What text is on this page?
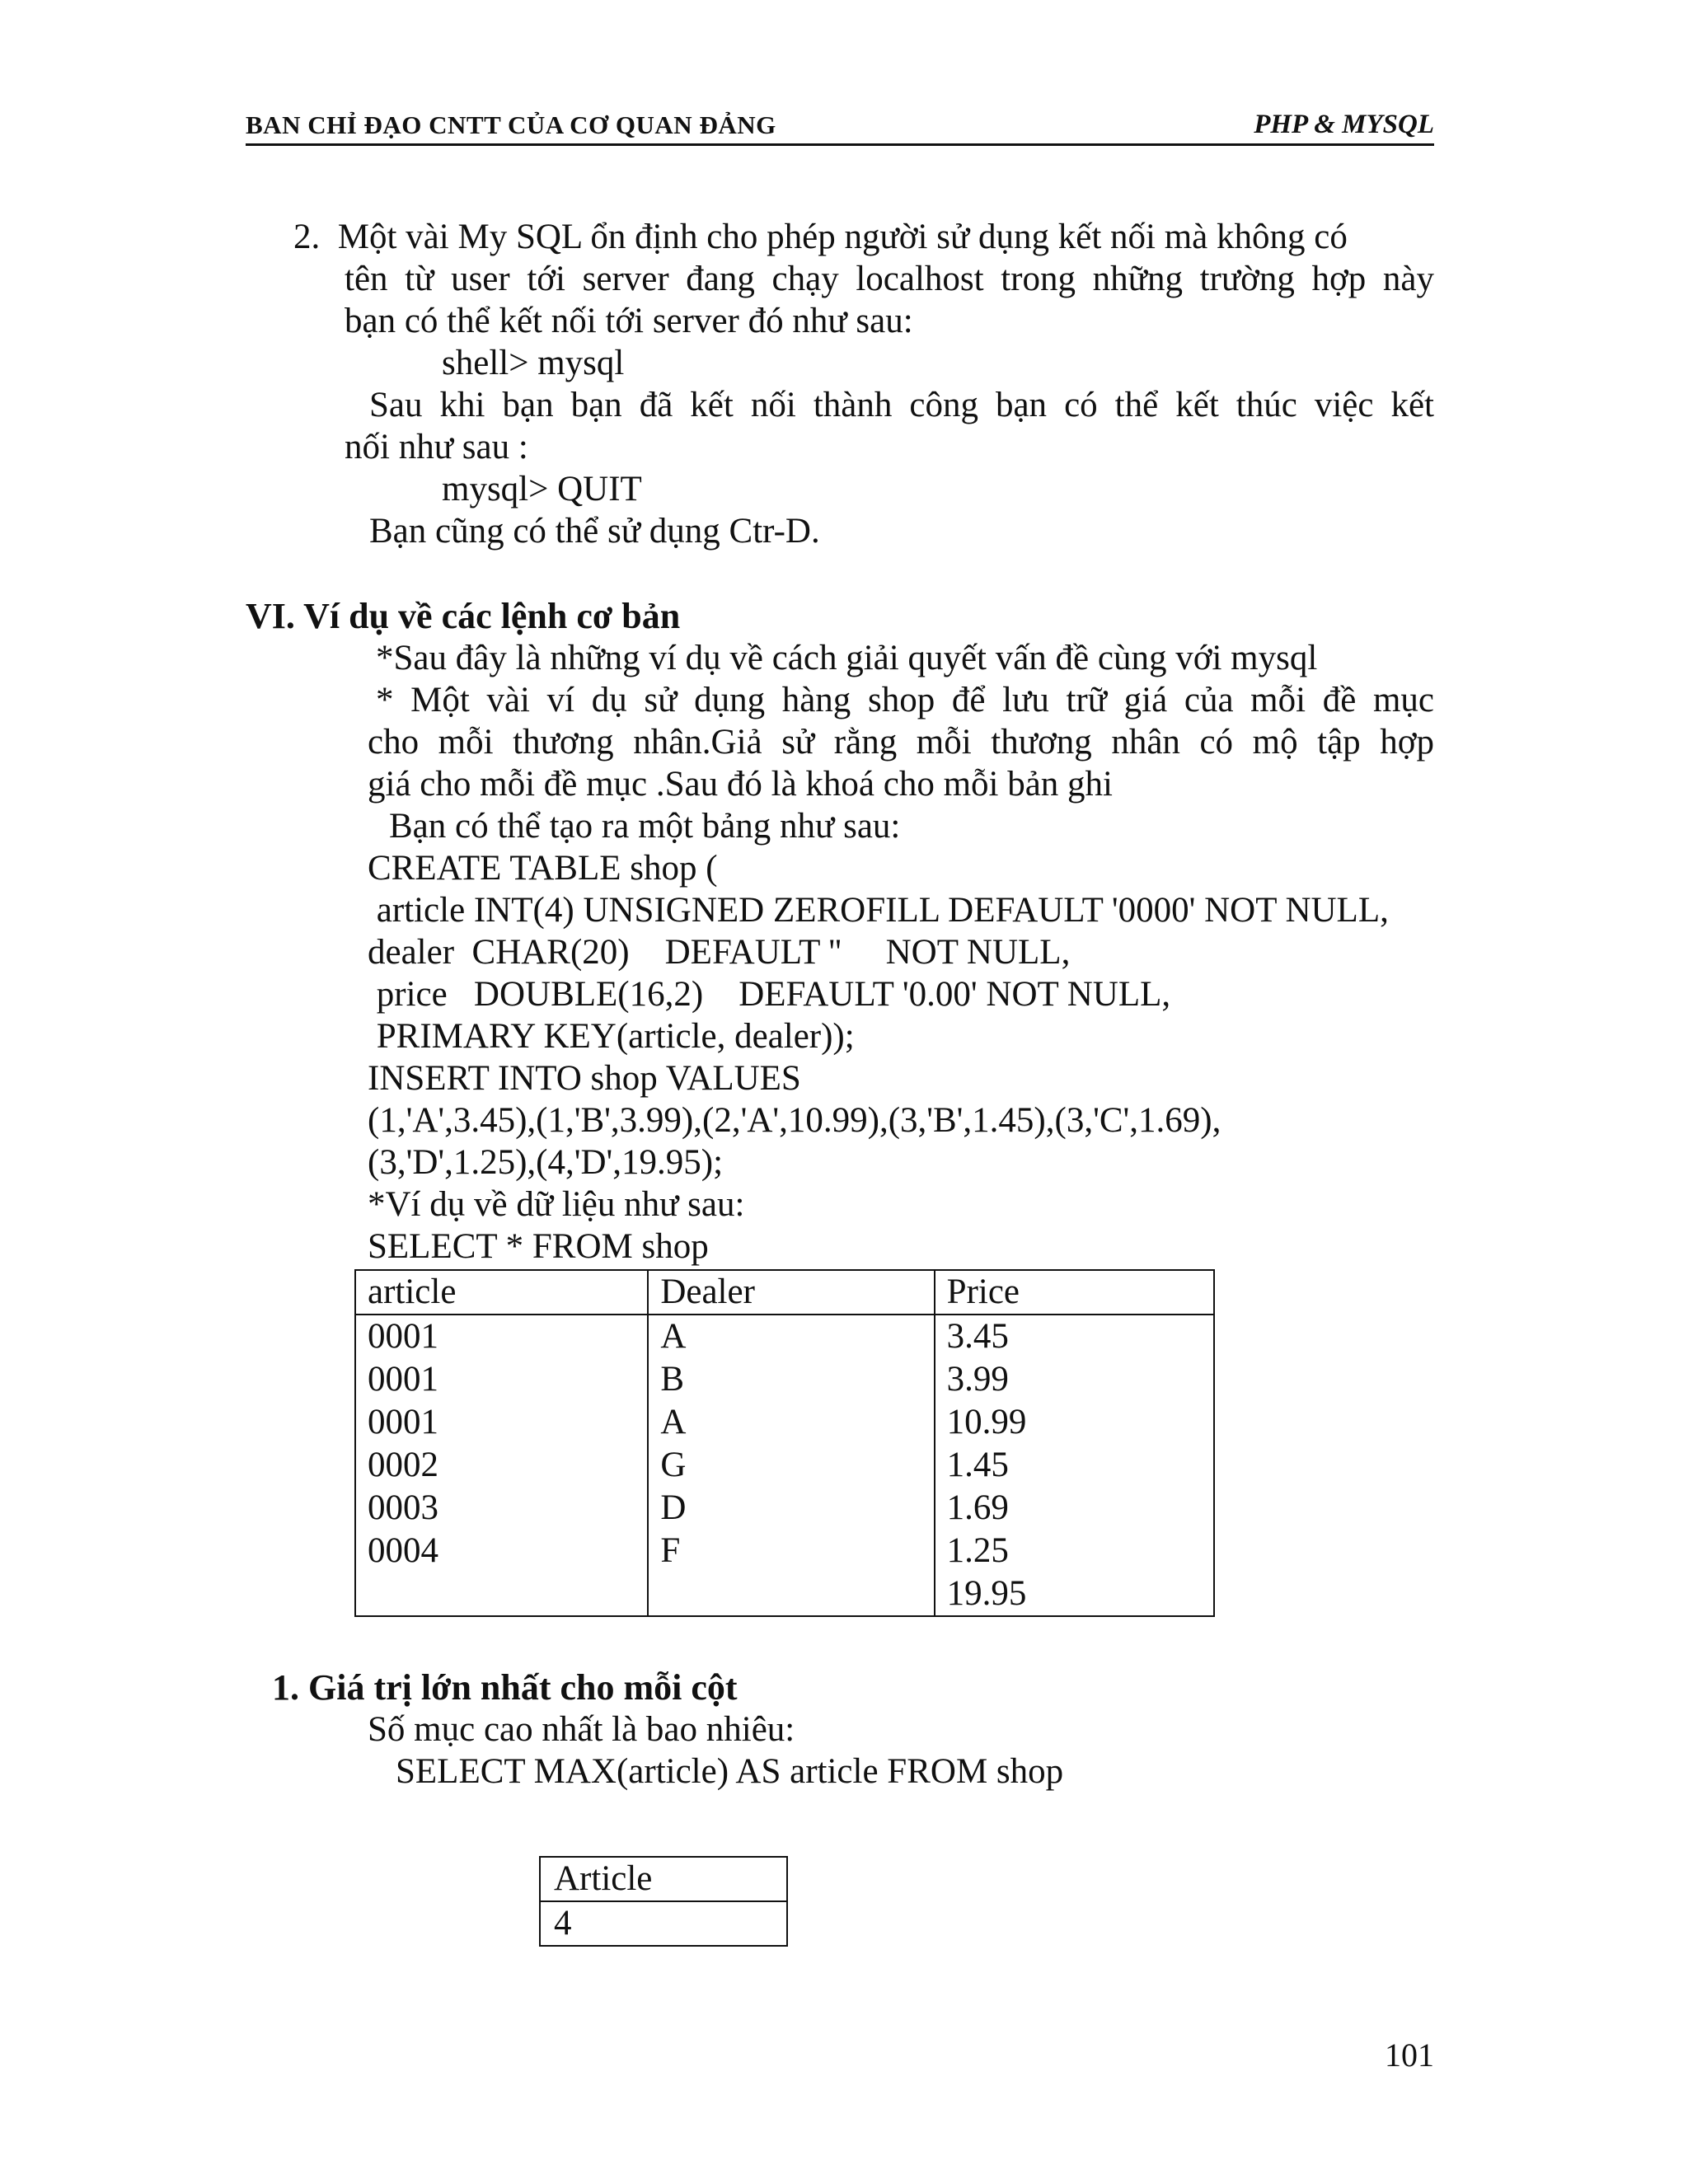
BAN CHỈ ĐẠO CNTT CỦA CƠ QUAN ĐẢNG	PHP & MYSQL
2.  Một vài My SQL ổn định cho phép người sử dụng kết nối mà không có
tên từ user tới server đang chạy localhost trong những trường hợp này
bạn có thể kết nối tới server đó như sau:
shell> mysql
Sau khi bạn bạn đã kết nối thành công bạn có thể kết thúc việc kết
nối như sau :
mysql> QUIT
Bạn cũng có thể sử dụng Ctr-D.
VI. Ví dụ về các lệnh cơ bản
*Sau đây là những ví dụ về cách giải quyết vấn đề cùng với mysql
* Một vài ví dụ sử dụng hàng shop để lưu trữ giá của mỗi đề mục
cho mỗi thương nhân.Giả sử rằng mỗi thương nhân có mộ tập hợp
giá cho mỗi đề mục .Sau đó là khoá cho mỗi bản ghi
Bạn có thể tạo ra một bảng như sau:
CREATE TABLE shop (
article INT(4) UNSIGNED ZEROFILL DEFAULT '0000' NOT NULL,
dealer  CHAR(20)    DEFAULT ''     NOT NULL,
price   DOUBLE(16,2)    DEFAULT '0.00' NOT NULL,
PRIMARY KEY(article, dealer));
INSERT INTO shop VALUES
(1,'A',3.45),(1,'B',3.99),(2,'A',10.99),(3,'B',1.45),(3,'C',1.69),
(3,'D',1.25),(4,'D',19.95);
*Ví dụ về dữ liệu như sau:
SELECT * FROM shop
article	Dealer	Price
0001	A	3.45
0001	B	3.99
0001	A	10.99
0002	G	1.45
0003	D	1.69
0004	F	1.25
		19.95
1. Giá trị lớn nhất cho mỗi cột
Số mục cao nhất là bao nhiêu:
SELECT MAX(article) AS article FROM shop
Article
4
101
